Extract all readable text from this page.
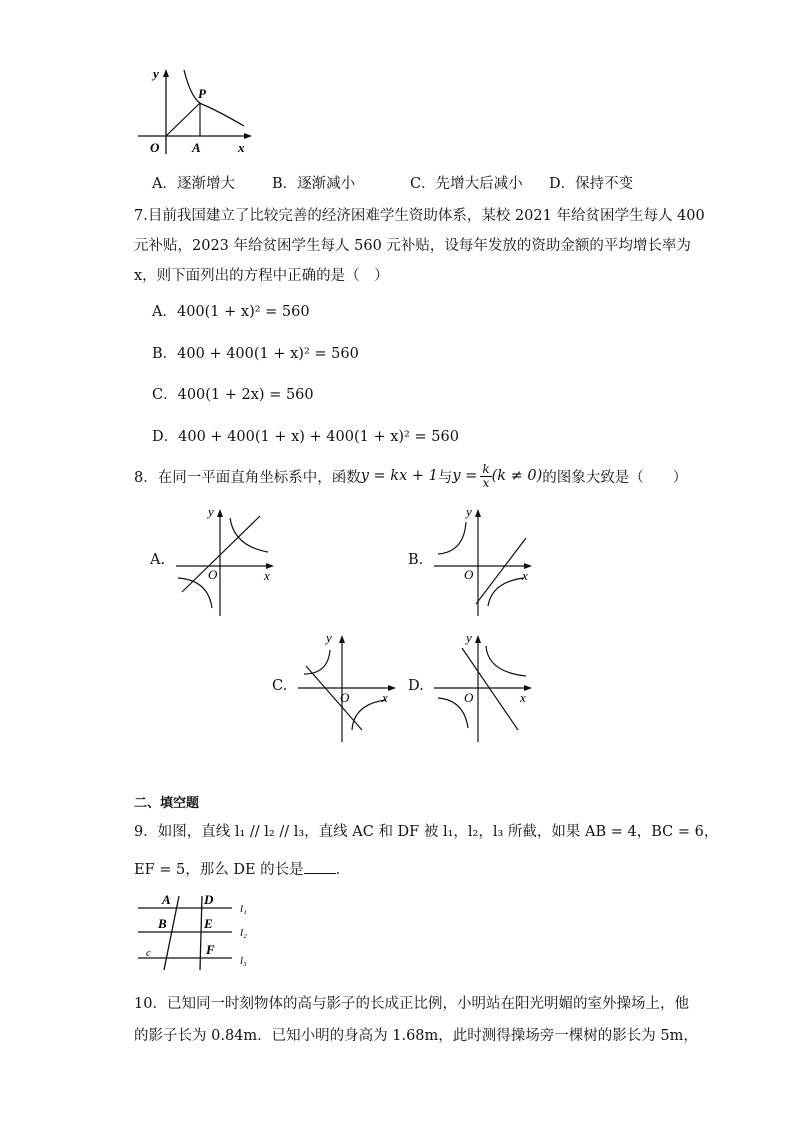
y
P
O	A	x
A．逐渐增大	B．逐渐减小	C．先增大后减小 D．保持不变
7.目前我国建立了比较完善的经济困难学生资助体系，某校 2021 年给贫困学生每人 400
元补贴，2023 年给贫困学生每人 560 元补贴，设每年发放的资助金额的平均增长率为
x，则下面列出的方程中正确的是（　）
A．400(1 + x)² = 560
B．400 + 400(1 + x)² = 560
C．400(1 + 2x) = 560
D．400 + 400(1 + x) + 400(1 + x)² = 560
8．在同一平面直角坐标系中，函数 y = kx + 1 与 $y = \frac{k}{x} (k \ne 0)$ 的图象大致是（　　）
A.
y
O	x
B.
y
O	x
C.
y
O	x
D.
y
O	x
二、填空题
9．如图，直线 l₁ // l₂ // l₃，直线 AC 和 DF 被 l₁，l₂，l₃ 所截，如果 AB = 4，BC = 6，
EF = 5，那么 DE 的长是 ．
A	D
B	E
c	F
l₁
l₂
l₃
10．已知同一时刻物体的高与影子的长成正比例，小明站在阳光明媚的室外操场上，他
的影子长为 0.84m．已知小明的身高为 1.68m，此时测得操场旁一棵树的影长为 5m，
